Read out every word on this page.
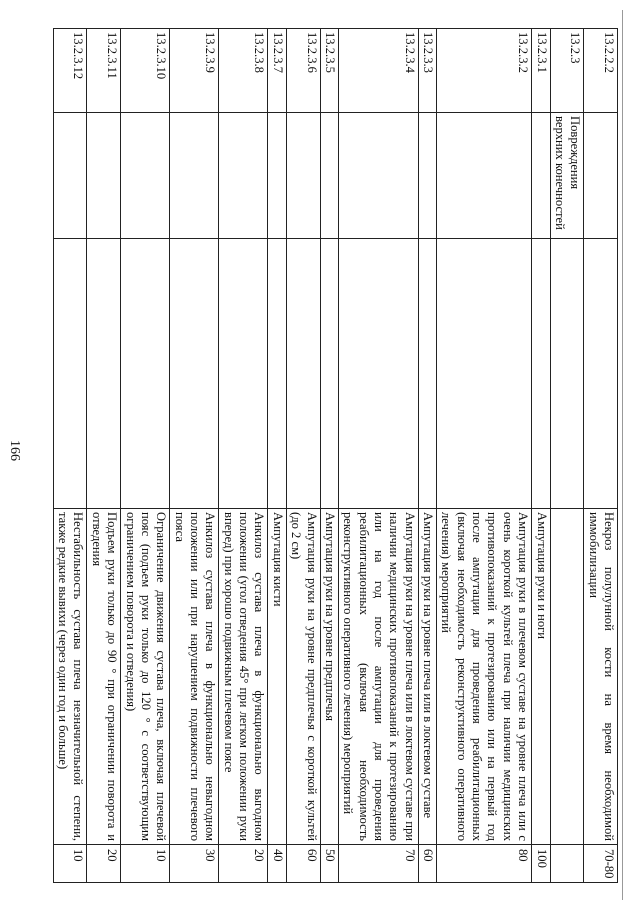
166
13.2.2.2			Некроз полулунной кости на время необходимой иммобилизации	70-80
13.2.3	Повреждения верхних конечностей			
13.2.3.1			Ампутация руки и ноги	100
13.2.3.2			Ампутация руки в плечевом суставе на уровне плеча или с очень короткой культей плеча при наличии медицинских противопоказаний к протезированию или на первый год после ампутации для проведения реабилитационных (включая необходимость реконструктивного оперативного лечения) мероприятий	80
13.2.3.3			Ампутация руки на уровне плеча или в локтевом суставе	60
13.2.3.4			Ампутация руки на уровне плеча или в локтевом суставе при наличии медицинских противопоказаний к протезированию или на год после ампутации для проведения реабилитационных (включая необходимость реконструктивного оперативного лечения) мероприятий	70
13.2.3.5			Ампутация руки на уровне предплечья	50
13.2.3.6			Ампутация руки на уровне предплечья с короткой культей (до 2 см)	60
13.2.3.7			Ампутация кисти	40
13.2.3.8			Анкилоз сустава плеча в функционально выгодном положении (угол отведения 45° при легком положении руки вперед) при хорошо подвижным плечевом поясе	20
13.2.3.9			Анкилоз сустава плеча в функционально невыгодном положении или при нарушением подвижности плечевого пояса	30
13.2.3.10			Ограничение движения сустава плеча, включая плечевой пояс (подъем руки только до 120 ° с соответствующим ограничением поворота и отведения)	10
13.2.3.11			Подъем руки только до 90 ° при ограничении поворота и отведения	20
13.2.3.12			Нестабильность сустава плеча незначительной степени, также редкие вывихи (через один год и больше)	10
